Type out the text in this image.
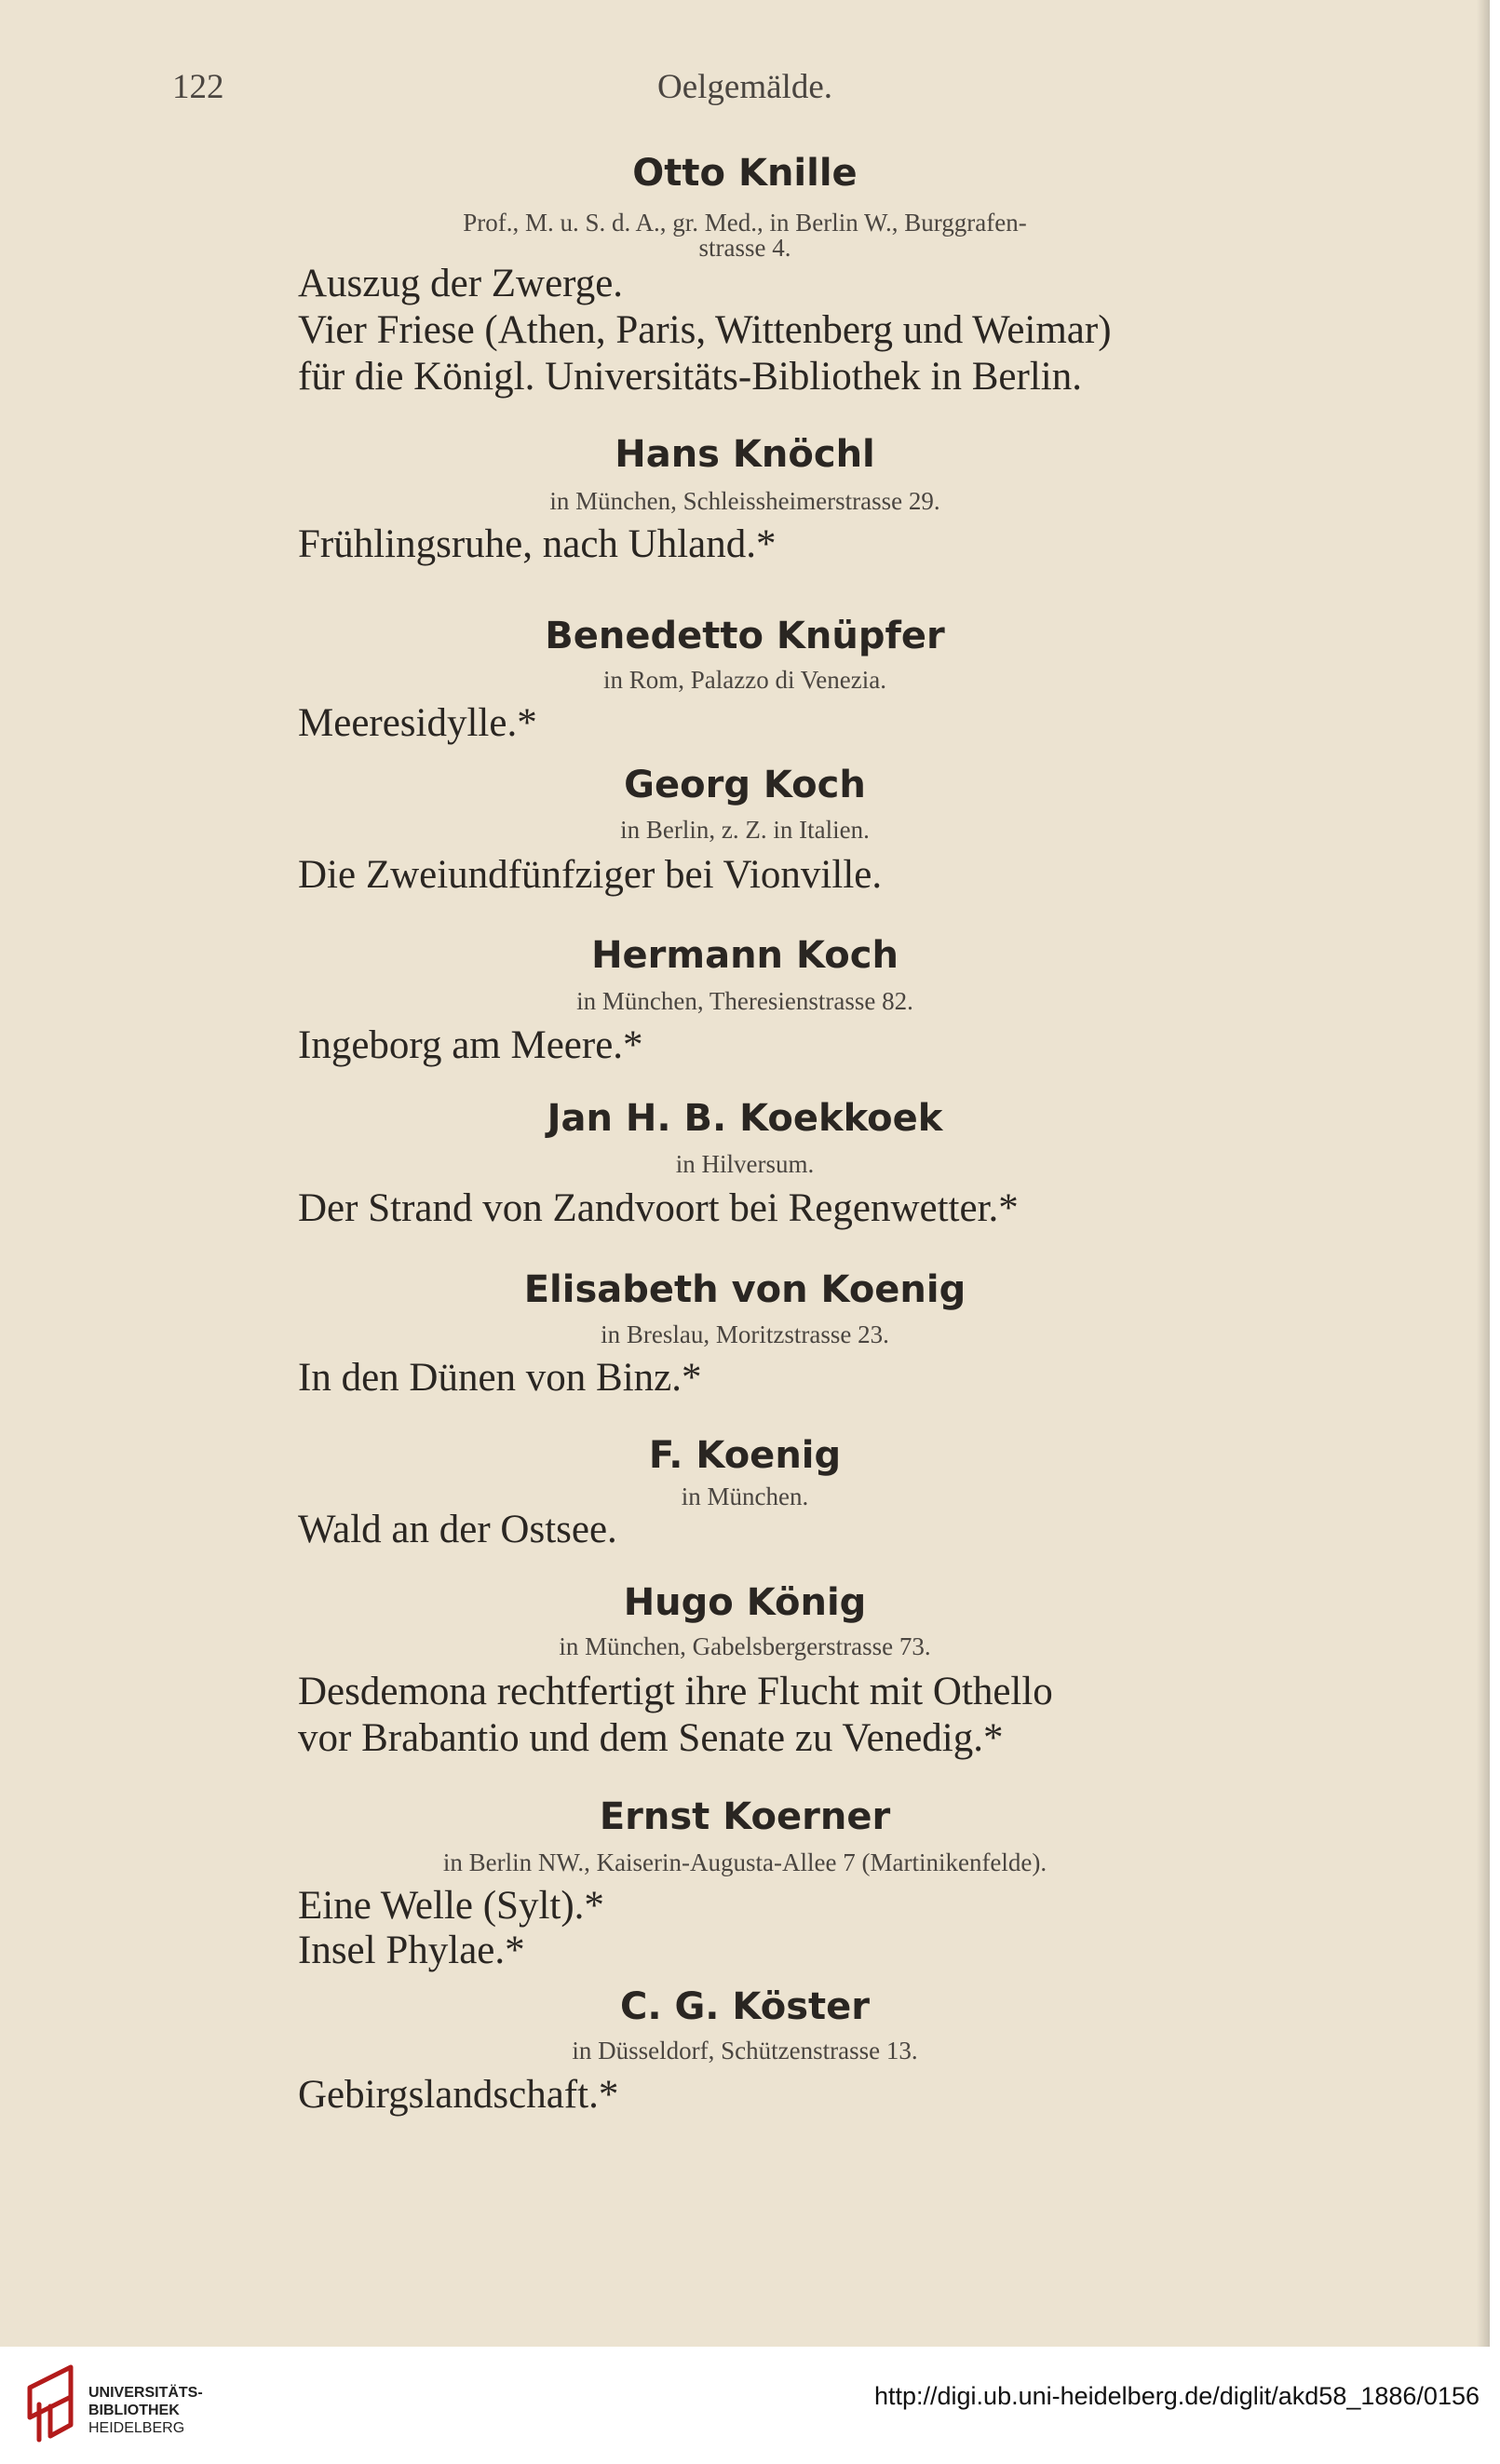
122	Oelgemälde.
Otto Knille
Prof., M. u. S. d. A., gr. Med., in Berlin W., Burggrafen-
strasse 4.
Auszug der Zwerge.
Vier Friese (Athen, Paris, Wittenberg und Weimar)
für die Königl. Universitäts-Bibliothek in Berlin.
Hans Knöchl
in München, Schleissheimerstrasse 29.
Frühlingsruhe, nach Uhland.*
Benedetto Knüpfer
in Rom, Palazzo di Venezia.
Meeresidylle.*
Georg Koch
in Berlin, z. Z. in Italien.
Die Zweiundfünfziger bei Vionville.
Hermann Koch
in München, Theresienstrasse 82.
Ingeborg am Meere.*
Jan H. B. Koekkoek
in Hilversum.
Der Strand von Zandvoort bei Regenwetter.*
Elisabeth von Koenig
in Breslau, Moritzstrasse 23.
In den Dünen von Binz.*
F. Koenig
in München.
Wald an der Ostsee.
Hugo König
in München, Gabelsbergerstrasse 73.
Desdemona rechtfertigt ihre Flucht mit Othello
vor Brabantio und dem Senate zu Venedig.*
Ernst Koerner
in Berlin NW., Kaiserin-Augusta-Allee 7 (Martinikenfelde).
Eine Welle (Sylt).*
Insel Phylae.*
C. G. Köster
in Düsseldorf, Schützenstrasse 13.
Gebirgslandschaft.*
UNIVERSITÄTS-
BIBLIOTHEK
HEIDELBERG
http://digi.ub.uni-heidelberg.de/diglit/akd58_1886/0156
